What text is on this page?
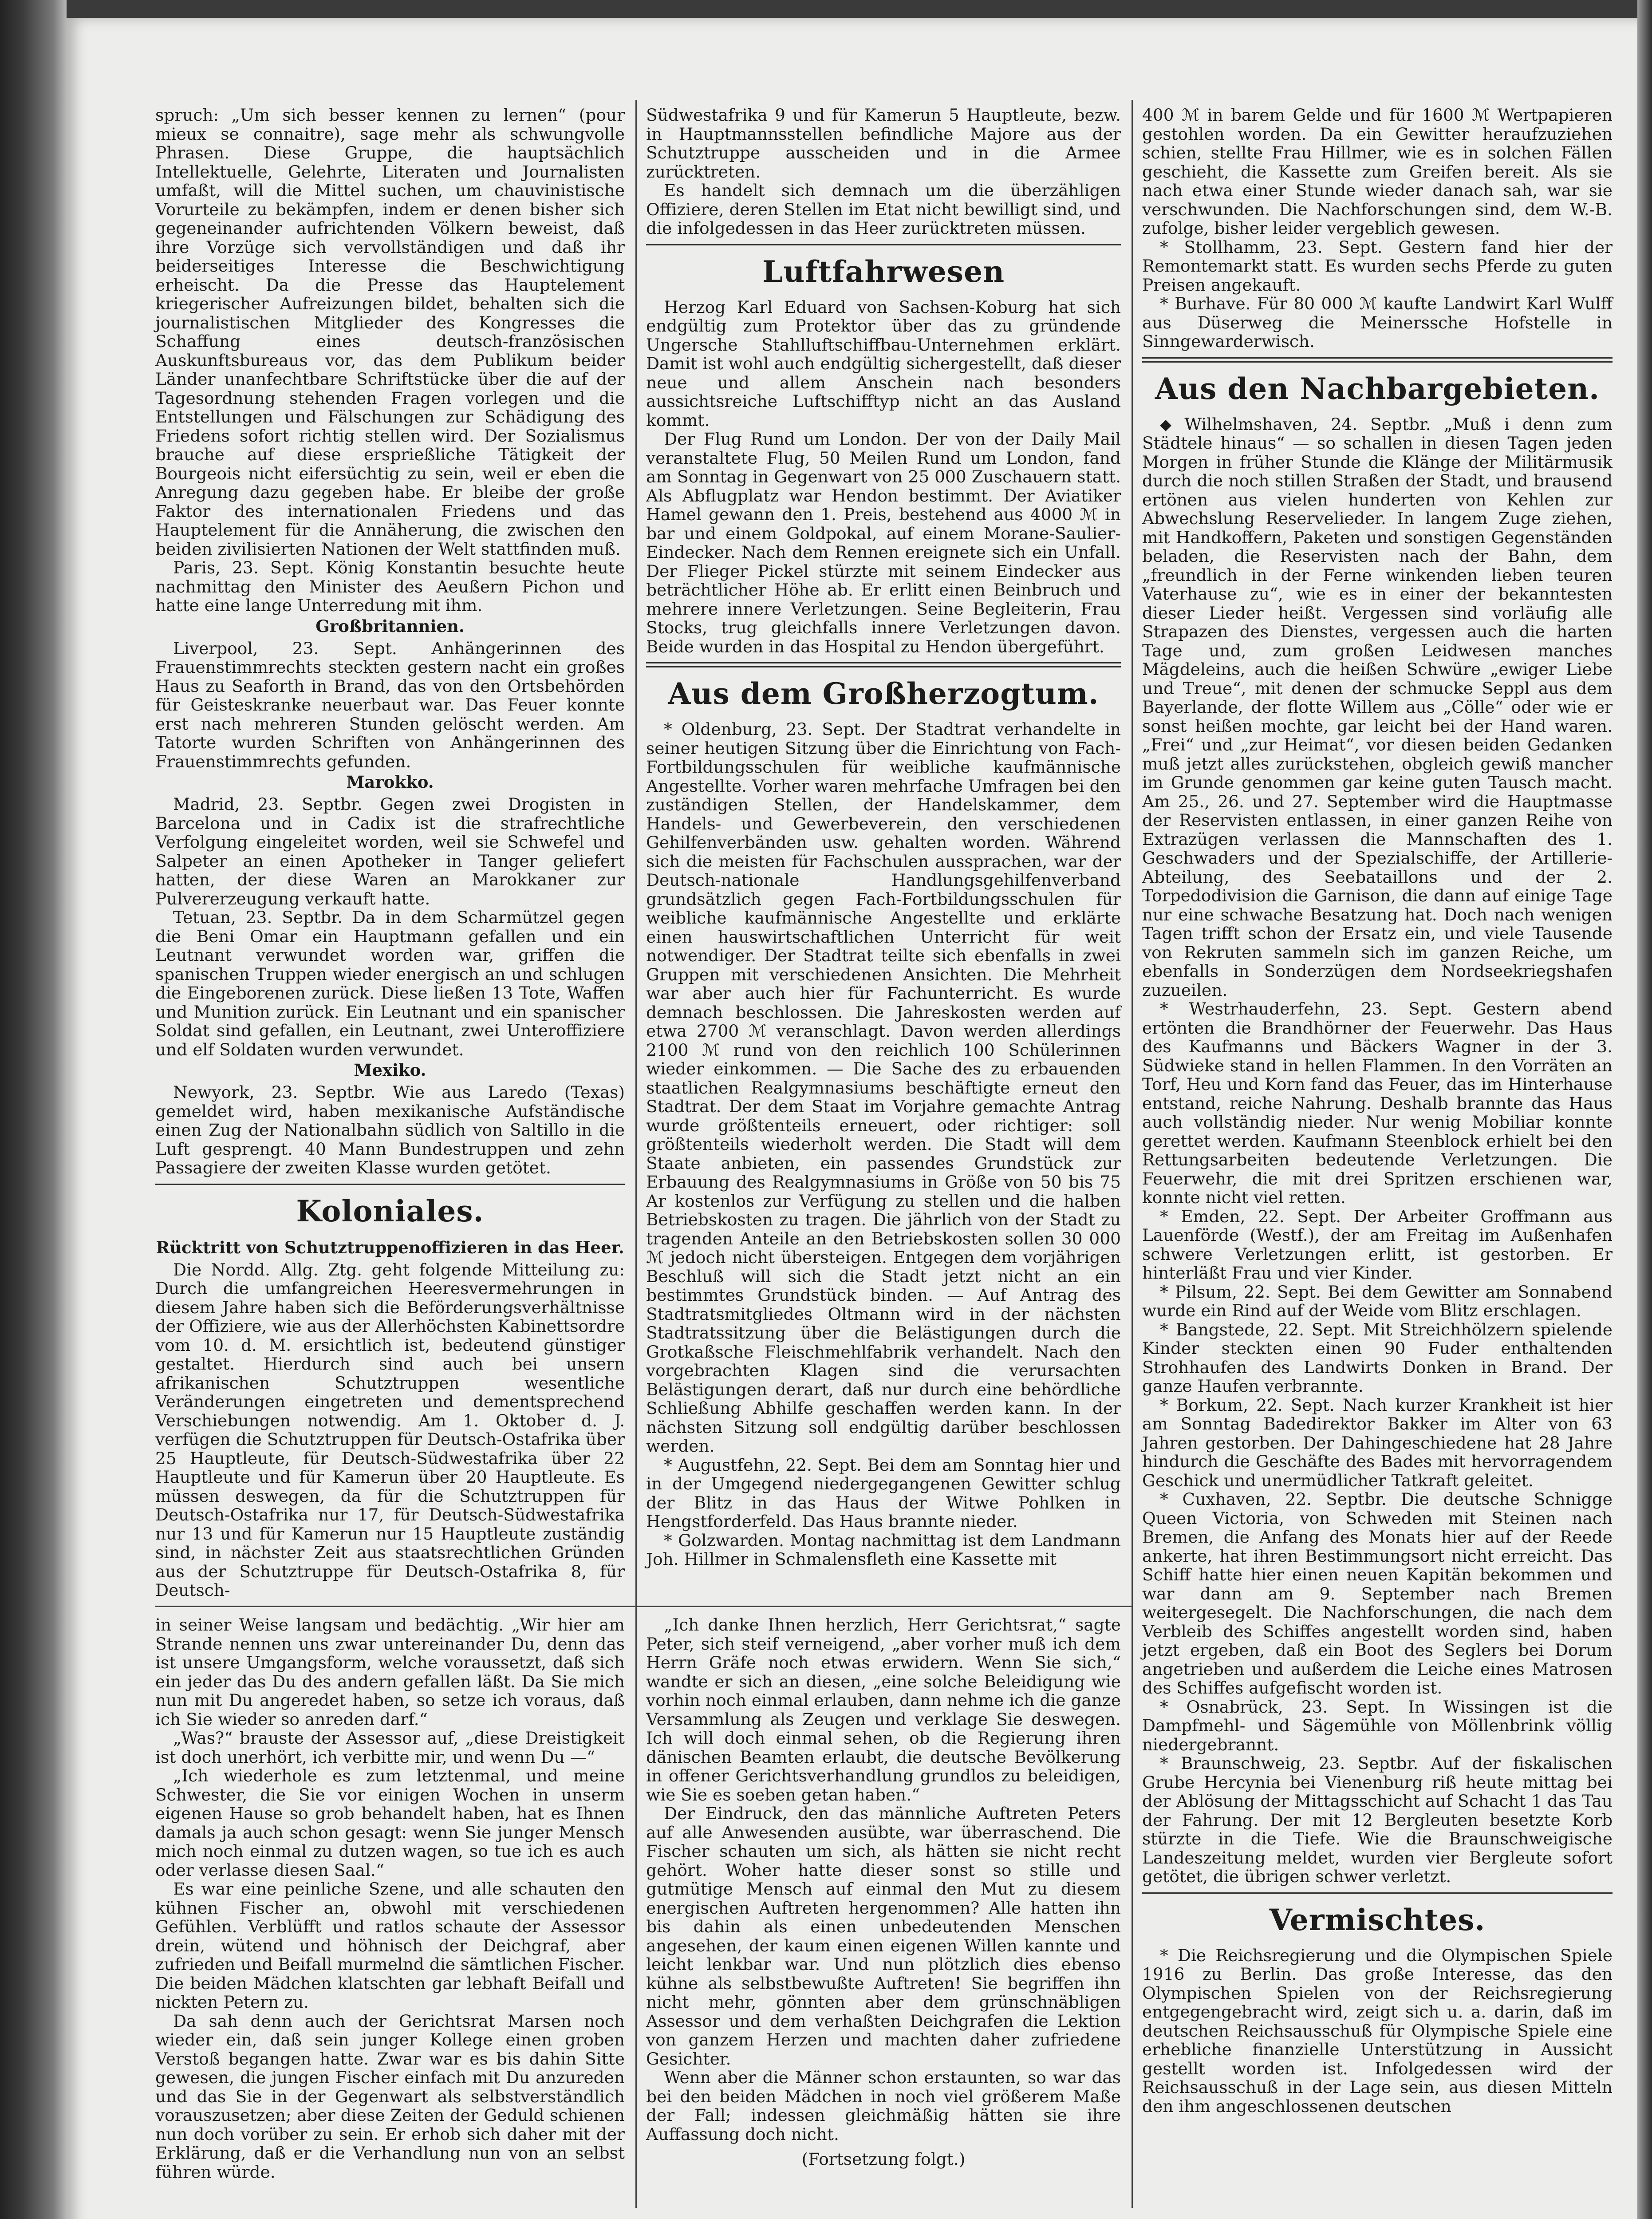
spruch: „Um sich besser kennen zu lernen“ (pour mieux se connaitre), sage mehr als schwungvolle Phrasen. Diese Gruppe, die hauptsächlich Intellektuelle, Gelehrte, Literaten und Journalisten umfaßt, will die Mittel suchen, um chauvinistische Vorurteile zu bekämpfen, indem er denen bisher sich gegeneinander aufrichtenden Völkern beweist, daß ihre Vorzüge sich vervollständigen und daß ihr beiderseitiges Interesse die Beschwichtigung erheischt. Da die Presse das Hauptelement kriegerischer Aufreizungen bildet, behalten sich die journalistischen Mitglieder des Kongresses die Schaffung eines deutsch-französischen Auskunftsbureaus vor, das dem Publikum beider Länder unanfechtbare Schriftstücke über die auf der Tagesordnung stehenden Fragen vorlegen und die Entstellungen und Fälschungen zur Schädigung des Friedens sofort richtig stellen wird. Der Sozialismus brauche auf diese ersprießliche Tätigkeit der Bourgeois nicht eifersüchtig zu sein, weil er eben die Anregung dazu gegeben habe. Er bleibe der große Faktor des internationalen Friedens und das Hauptelement für die Annäherung, die zwischen den beiden zivilisierten Nationen der Welt stattfinden muß.

Paris, 23. Sept. König Konstantin besuchte heute nachmittag den Minister des Aeußern Pichon und hatte eine lange Unterredung mit ihm.

Großbritannien.

Liverpool, 23. Sept. Anhängerinnen des Frauenstimmrechts steckten gestern nacht ein großes Haus zu Seaforth in Brand, das von den Ortsbehörden für Geisteskranke neuerbaut war. Das Feuer konnte erst nach mehreren Stunden gelöscht werden. Am Tatorte wurden Schriften von Anhängerinnen des Frauenstimmrechts gefunden.

Marokko.

Madrid, 23. Septbr. Gegen zwei Drogisten in Barcelona und in Cadix ist die strafrechtliche Verfolgung eingeleitet worden, weil sie Schwefel und Salpeter an einen Apotheker in Tanger geliefert hatten, der diese Waren an Marokkaner zur Pulvererzeugung verkauft hatte.

Tetuan, 23. Septbr. Da in dem Scharmützel gegen die Beni Omar ein Hauptmann gefallen und ein Leutnant verwundet worden war, griffen die spanischen Truppen wieder energisch an und schlugen die Eingeborenen zurück. Diese ließen 13 Tote, Waffen und Munition zurück. Ein Leutnant und ein spanischer Soldat sind gefallen, ein Leutnant, zwei Unteroffiziere und elf Soldaten wurden verwundet.

Mexiko.

Newyork, 23. Septbr. Wie aus Laredo (Texas) gemeldet wird, haben mexikanische Aufständische einen Zug der Nationalbahn südlich von Saltillo in die Luft gesprengt. 40 Mann Bundestruppen und zehn Passagiere der zweiten Klasse wurden getötet.

Koloniales.
Rücktritt von Schutztruppenoffizieren in das Heer.

Die Nordd. Allg. Ztg. geht folgende Mitteilung zu: Durch die umfangreichen Heeresvermehrungen in diesem Jahre haben sich die Beförderungsverhältnisse der Offiziere, wie aus der Allerhöchsten Kabinettsordre vom 10. d. M. ersichtlich ist, bedeutend günstiger gestaltet. Hierdurch sind auch bei unsern afrikanischen Schutztruppen wesentliche Veränderungen eingetreten und dementsprechend Verschiebungen notwendig. Am 1. Oktober d. J. verfügen die Schutztruppen für Deutsch-Ostafrika über 25 Hauptleute, für Deutsch-Südwestafrika über 22 Hauptleute und für Kamerun über 20 Hauptleute. Es müssen deswegen, da für die Schutztruppen für Deutsch-Ostafrika nur 17, für Deutsch-Südwestafrika nur 13 und für Kamerun nur 15 Hauptleute zuständig sind, in nächster Zeit aus staatsrechtlichen Gründen aus der Schutztruppe für Deutsch-Ostafrika 8, für Deutsch-

Südwestafrika 9 und für Kamerun 5 Hauptleute, bezw. in Hauptmannsstellen befindliche Majore aus der Schutztruppe ausscheiden und in die Armee zurücktreten.

Es handelt sich demnach um die überzähligen Offiziere, deren Stellen im Etat nicht bewilligt sind, und die infolgedessen in das Heer zurücktreten müssen.

Luftfahrwesen

Herzog Karl Eduard von Sachsen-Koburg hat sich endgültig zum Protektor über das zu gründende Ungersche Stahlluftschiffbau-Unternehmen erklärt. Damit ist wohl auch endgültig sichergestellt, daß dieser neue und allem Anschein nach besonders aussichtsreiche Luftschifftyp nicht an das Ausland kommt.

Der Flug Rund um London. Der von der Daily Mail veranstaltete Flug, 50 Meilen Rund um London, fand am Sonntag in Gegenwart von 25 000 Zuschauern statt. Als Abflugplatz war Hendon bestimmt. Der Aviatiker Hamel gewann den 1. Preis, bestehend aus 4000 ℳ in bar und einem Goldpokal, auf einem Morane-Saulier-Eindecker. Nach dem Rennen ereignete sich ein Unfall. Der Flieger Pickel stürzte mit seinem Eindecker aus beträchtlicher Höhe ab. Er erlitt einen Beinbruch und mehrere innere Verletzungen. Seine Begleiterin, Frau Stocks, trug gleichfalls innere Verletzungen davon. Beide wurden in das Hospital zu Hendon übergeführt.

Aus dem Großherzogtum.

* Oldenburg, 23. Sept. Der Stadtrat verhandelte in seiner heutigen Sitzung über die Einrichtung von Fach-Fortbildungsschulen für weibliche kaufmännische Angestellte. Vorher waren mehrfache Umfragen bei den zuständigen Stellen, der Handelskammer, dem Handels- und Gewerbeverein, den verschiedenen Gehilfenverbänden usw. gehalten worden. Während sich die meisten für Fachschulen aussprachen, war der Deutsch-nationale Handlungsgehilfenverband grundsätzlich gegen Fach-Fortbildungsschulen für weibliche kaufmännische Angestellte und erklärte einen hauswirtschaftlichen Unterricht für weit notwendiger. Der Stadtrat teilte sich ebenfalls in zwei Gruppen mit verschiedenen Ansichten. Die Mehrheit war aber auch hier für Fachunterricht. Es wurde demnach beschlossen. Die Jahreskosten werden auf etwa 2700 ℳ veranschlagt. Davon werden allerdings 2100 ℳ rund von den reichlich 100 Schülerinnen wieder einkommen. — Die Sache des zu erbauenden staatlichen Realgymnasiums beschäftigte erneut den Stadtrat. Der dem Staat im Vorjahre gemachte Antrag wurde größtenteils erneuert, oder richtiger: soll größtenteils wiederholt werden. Die Stadt will dem Staate anbieten, ein passendes Grundstück zur Erbauung des Realgymnasiums in Größe von 50 bis 75 Ar kostenlos zur Verfügung zu stellen und die halben Betriebskosten zu tragen. Die jährlich von der Stadt zu tragenden Anteile an den Betriebskosten sollen 30 000 ℳ jedoch nicht übersteigen. Entgegen dem vorjährigen Beschluß will sich die Stadt jetzt nicht an ein bestimmtes Grundstück binden. — Auf Antrag des Stadtratsmitgliedes Oltmann wird in der nächsten Stadtratssitzung über die Belästigungen durch die Grotkaßsche Fleischmehlfabrik verhandelt. Nach den vorgebrachten Klagen sind die verursachten Belästigungen derart, daß nur durch eine behördliche Schließung Abhilfe geschaffen werden kann. In der nächsten Sitzung soll endgültig darüber beschlossen werden.

* Augustfehn, 22. Sept. Bei dem am Sonntag hier und in der Umgegend niedergegangenen Gewitter schlug der Blitz in das Haus der Witwe Pohlken in Hengstforderfeld. Das Haus brannte nieder.

* Golzwarden. Montag nachmittag ist dem Landmann Joh. Hillmer in Schmalensfleth eine Kassette mit

400 ℳ in barem Gelde und für 1600 ℳ Wertpapieren gestohlen worden. Da ein Gewitter heraufzuziehen schien, stellte Frau Hillmer, wie es in solchen Fällen geschieht, die Kassette zum Greifen bereit. Als sie nach etwa einer Stunde wieder danach sah, war sie verschwunden. Die Nachforschungen sind, dem W.-B. zufolge, bisher leider vergeblich gewesen.

* Stollhamm, 23. Sept. Gestern fand hier der Remontemarkt statt. Es wurden sechs Pferde zu guten Preisen angekauft.

* Burhave. Für 80 000 ℳ kaufte Landwirt Karl Wulff aus Düserweg die Meinerssche Hofstelle in Sinngewarderwisch.

Aus den Nachbargebieten.

⬥ Wilhelmshaven, 24. Septbr. „Muß i denn zum Städtele hinaus“ — so schallen in diesen Tagen jeden Morgen in früher Stunde die Klänge der Militärmusik durch die noch stillen Straßen der Stadt, und brausend ertönen aus vielen hunderten von Kehlen zur Abwechslung Reservelieder. In langem Zuge ziehen, mit Handkoffern, Paketen und sonstigen Gegenständen beladen, die Reservisten nach der Bahn, dem „freundlich in der Ferne winkenden lieben teuren Vaterhause zu“, wie es in einer der bekanntesten dieser Lieder heißt. Vergessen sind vorläufig alle Strapazen des Dienstes, vergessen auch die harten Tage und, zum großen Leidwesen manches Mägdeleins, auch die heißen Schwüre „ewiger Liebe und Treue“, mit denen der schmucke Seppl aus dem Bayerlande, der flotte Willem aus „Cölle“ oder wie er sonst heißen mochte, gar leicht bei der Hand waren. „Frei“ und „zur Heimat“, vor diesen beiden Gedanken muß jetzt alles zurückstehen, obgleich gewiß mancher im Grunde genommen gar keine guten Tausch macht. Am 25., 26. und 27. September wird die Hauptmasse der Reservisten entlassen, in einer ganzen Reihe von Extrazügen verlassen die Mannschaften des 1. Geschwaders und der Spezialschiffe, der Artillerie-Abteilung, des Seebataillons und der 2. Torpedodivision die Garnison, die dann auf einige Tage nur eine schwache Besatzung hat. Doch nach wenigen Tagen trifft schon der Ersatz ein, und viele Tausende von Rekruten sammeln sich im ganzen Reiche, um ebenfalls in Sonderzügen dem Nordseekriegshafen zuzueilen.

* Westrhauderfehn, 23. Sept. Gestern abend ertönten die Brandhörner der Feuerwehr. Das Haus des Kaufmanns und Bäckers Wagner in der 3. Südwieke stand in hellen Flammen. In den Vorräten an Torf, Heu und Korn fand das Feuer, das im Hinterhause entstand, reiche Nahrung. Deshalb brannte das Haus auch vollständig nieder. Nur wenig Mobiliar konnte gerettet werden. Kaufmann Steenblock erhielt bei den Rettungsarbeiten bedeutende Verletzungen. Die Feuerwehr, die mit drei Spritzen erschienen war, konnte nicht viel retten.

* Emden, 22. Sept. Der Arbeiter Groffmann aus Lauenförde (Westf.), der am Freitag im Außenhafen schwere Verletzungen erlitt, ist gestorben. Er hinterläßt Frau und vier Kinder.

* Pilsum, 22. Sept. Bei dem Gewitter am Sonnabend wurde ein Rind auf der Weide vom Blitz erschlagen.

* Bangstede, 22. Sept. Mit Streichhölzern spielende Kinder steckten einen 90 Fuder enthaltenden Strohhaufen des Landwirts Donken in Brand. Der ganze Haufen verbrannte.

* Borkum, 22. Sept. Nach kurzer Krankheit ist hier am Sonntag Badedirektor Bakker im Alter von 63 Jahren gestorben. Der Dahingeschiedene hat 28 Jahre hindurch die Geschäfte des Bades mit hervorragendem Geschick und unermüdlicher Tatkraft geleitet.

* Cuxhaven, 22. Septbr. Die deutsche Schnigge Queen Victoria, von Schweden mit Steinen nach Bremen, die Anfang des Monats hier auf der Reede ankerte, hat ihren Bestimmungsort nicht erreicht. Das Schiff hatte hier einen neuen Kapitän bekommen und war dann am 9. September nach Bremen weitergesegelt. Die Nachforschungen, die nach dem Verbleib des Schiffes angestellt worden sind, haben jetzt ergeben, daß ein Boot des Seglers bei Dorum angetrieben und außerdem die Leiche eines Matrosen des Schiffes aufgefischt worden ist.

* Osnabrück, 23. Sept. In Wissingen ist die Dampfmehl- und Sägemühle von Möllenbrink völlig niedergebrannt.

* Braunschweig, 23. Septbr. Auf der fiskalischen Grube Hercynia bei Vienenburg riß heute mittag bei der Ablösung der Mittagsschicht auf Schacht 1 das Tau der Fahrung. Der mit 12 Bergleuten besetzte Korb stürzte in die Tiefe. Wie die Braunschweigische Landeszeitung meldet, wurden vier Bergleute sofort getötet, die übrigen schwer verletzt.

Vermischtes.

* Die Reichsregierung und die Olympischen Spiele 1916 zu Berlin. Das große Interesse, das den Olympischen Spielen von der Reichsregierung entgegengebracht wird, zeigt sich u. a. darin, daß im deutschen Reichsausschuß für Olympische Spiele eine erhebliche finanzielle Unterstützung in Aussicht gestellt worden ist. Infolgedessen wird der Reichsausschuß in der Lage sein, aus diesen Mitteln den ihm angeschlossenen deutschen

in seiner Weise langsam und bedächtig. „Wir hier am Strande nennen uns zwar untereinander Du, denn das ist unsere Umgangsform, welche voraussetzt, daß sich ein jeder das Du des andern gefallen läßt. Da Sie mich nun mit Du angeredet haben, so setze ich voraus, daß ich Sie wieder so anreden darf.“

„Was?“ brauste der Assessor auf, „diese Dreistigkeit ist doch unerhört, ich verbitte mir, und wenn Du —“

„Ich wiederhole es zum letztenmal, und meine Schwester, die Sie vor einigen Wochen in unserm eigenen Hause so grob behandelt haben, hat es Ihnen damals ja auch schon gesagt: wenn Sie junger Mensch mich noch einmal zu dutzen wagen, so tue ich es auch oder verlasse diesen Saal.“

Es war eine peinliche Szene, und alle schauten den kühnen Fischer an, obwohl mit verschiedenen Gefühlen. Verblüfft und ratlos schaute der Assessor drein, wütend und höhnisch der Deichgraf, aber zufrieden und Beifall murmelnd die sämtlichen Fischer. Die beiden Mädchen klatschten gar lebhaft Beifall und nickten Petern zu.

Da sah denn auch der Gerichtsrat Marsen noch wieder ein, daß sein junger Kollege einen groben Verstoß begangen hatte. Zwar war es bis dahin Sitte gewesen, die jungen Fischer einfach mit Du anzureden und das Sie in der Gegenwart als selbstverständlich vorauszusetzen; aber diese Zeiten der Geduld schienen nun doch vorüber zu sein. Er erhob sich daher mit der Erklärung, daß er die Verhandlung nun von an selbst führen würde.

„Ich danke Ihnen herzlich, Herr Gerichtsrat,“ sagte Peter, sich steif verneigend, „aber vorher muß ich dem Herrn Gräfe noch etwas erwidern. Wenn Sie sich,“ wandte er sich an diesen, „eine solche Beleidigung wie vorhin noch einmal erlauben, dann nehme ich die ganze Versammlung als Zeugen und verklage Sie deswegen. Ich will doch einmal sehen, ob die Regierung ihren dänischen Beamten erlaubt, die deutsche Bevölkerung in offener Gerichtsverhandlung grundlos zu beleidigen, wie Sie es soeben getan haben.“

Der Eindruck, den das männliche Auftreten Peters auf alle Anwesenden ausübte, war überraschend. Die Fischer schauten um sich, als hätten sie nicht recht gehört. Woher hatte dieser sonst so stille und gutmütige Mensch auf einmal den Mut zu diesem energischen Auftreten hergenommen? Alle hatten ihn bis dahin als einen unbedeutenden Menschen angesehen, der kaum einen eigenen Willen kannte und leicht lenkbar war. Und nun plötzlich dies ebenso kühne als selbstbewußte Auftreten! Sie begriffen ihn nicht mehr, gönnten aber dem grünschnäbligen Assessor und dem verhaßten Deichgrafen die Lektion von ganzem Herzen und machten daher zufriedene Gesichter.

Wenn aber die Männer schon erstaunten, so war das bei den beiden Mädchen in noch viel größerem Maße der Fall; indessen gleichmäßig hätten sie ihre Auffassung doch nicht.

(Fortsetzung folgt.)
